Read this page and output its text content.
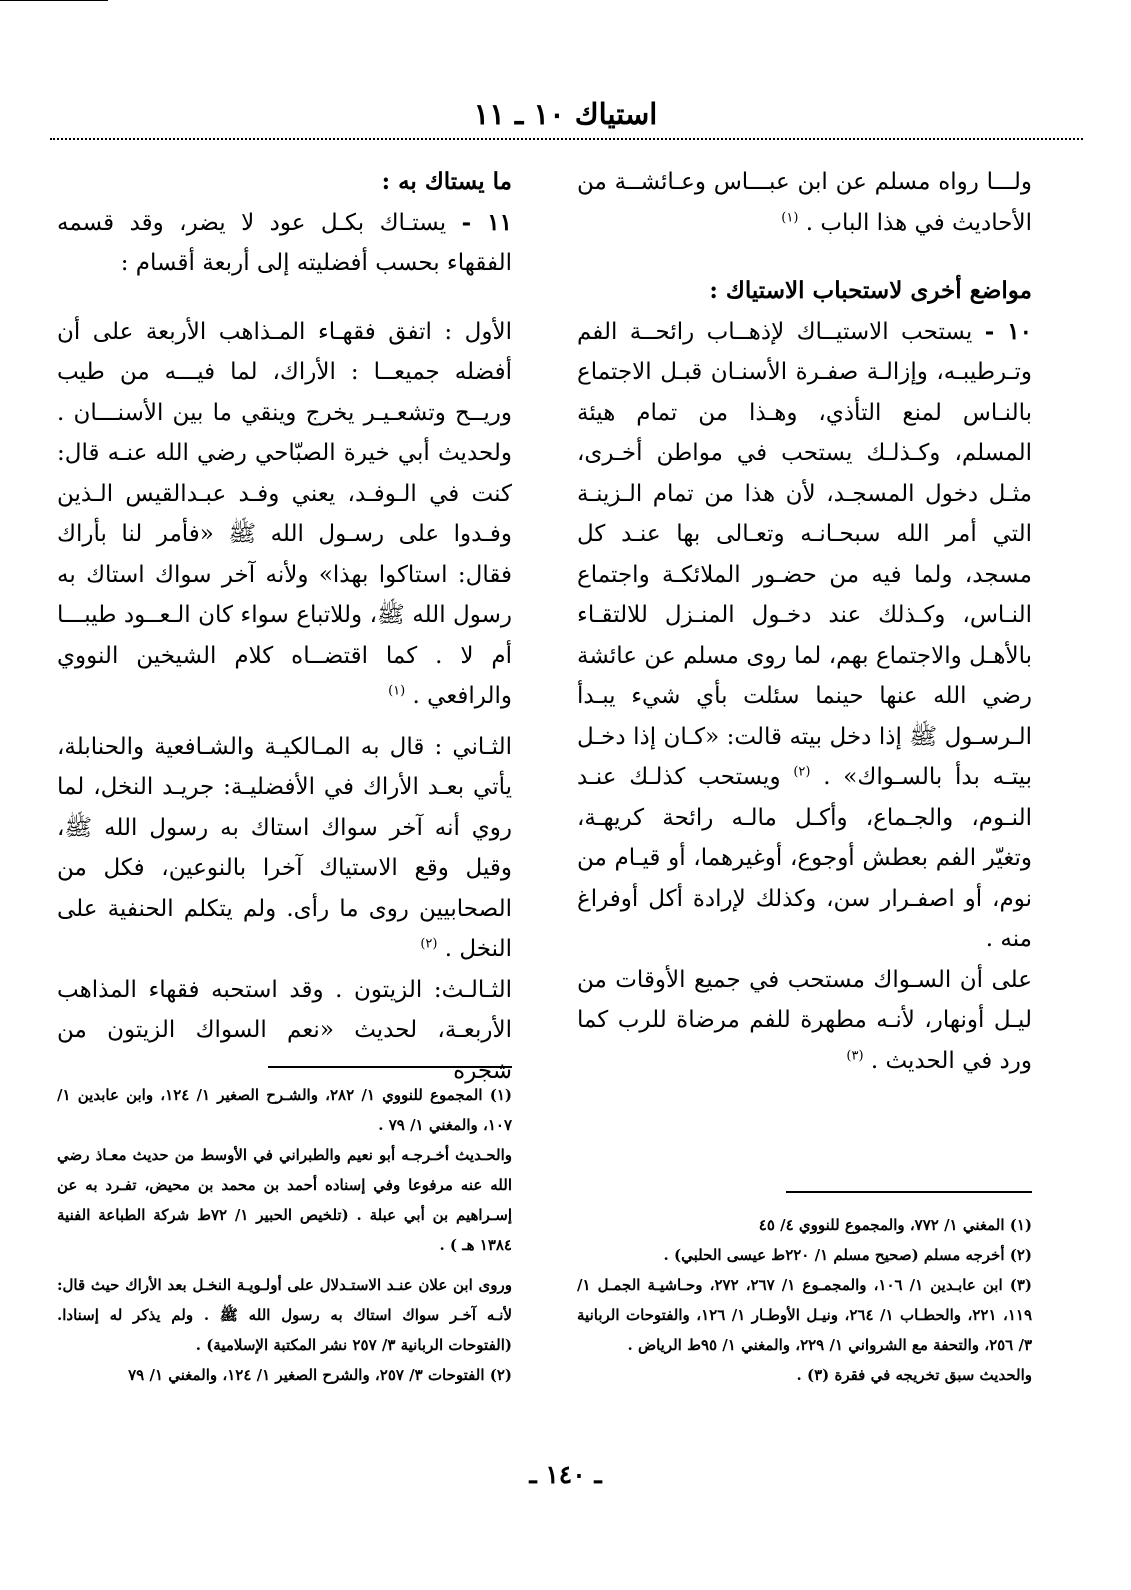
استياك ١٠ ـ ١١

ولـــا رواه مسلم عن ابن عبـــاس وعـائشــة من الأحاديث في هذا الباب . $^{(١)}$

مواضع أخرى لاستحباب الاستياك :

١٠ - يستحب الاستيــاك لإذهــاب رائحــة الفم وتـرطيبـه، وإزالـة صفـرة الأسنـان قبـل الاجتماع بالنـاس لمنع التأذي، وهـذا من تمام هيئة المسلم، وكـذلـك يستحب في مواطن أخـرى، مثـل دخول المسجـد، لأن هذا من تمام الـزينـة التي أمر الله سبحـانـه وتعـالى بها عنـد كل مسجد، ولما فيه من حضـور الملائكـة واجتماع النـاس، وكـذلك عند دخـول المنـزل للالتقـاء بالأهـل والاجتماع بهم، لما روى مسلم عن عائشة رضي الله عنها حينما سئلت بأي شيء يبـدأ الـرسـول ﷺ إذا دخل بيته قالت: «كـان إذا دخـل بيتـه بدأ بالسـواك» . $^{(٢)}$ ويستحب كذلـك عنـد النـوم، والجـماع، وأكـل مالـه رائحة كريهـة، وتغيّر الفم بعطش أوجوع، أوغيرهما، أو قيـام من نوم، أو اصفـرار سن، وكذلك لإرادة أكل أوفراغ منه .

على أن السـواك مستحب في جميع الأوقات من ليـل أونهار، لأنـه مطهرة للفم مرضاة للرب كما ورد في الحديث . $^{(٣)}$

ما يستاك به :

١١ - يستـاك بكـل عود لا يضر، وقد قسمه الفقهاء بحسب أفضليته إلى أربعة أقسام :

الأول : اتفق فقهـاء المـذاهب الأربعة على أن أفضله جميعــا : الأراك، لما فيـــه من طيب وريــح وتشعـيـر يخرج وينقي ما بين الأسنـــان . ولحديث أبي خيرة الصبّاحي رضي الله عنـه قال: كنت في الـوفـد، يعني وفـد عبـدالقيس الـذين وفـدوا على رسـول الله ﷺ «فأمر لنا بأراك فقال: استاكوا بهذا» ولأنه آخر سواك استاك به رسول الله ﷺ، وللاتباع سواء كان الـعــود طيبـــا أم لا . كما اقتضــاه كلام الشيخين النووي والرافعي . $^{(١)}$

الثـاني : قال به المـالكيـة والشـافعية والحنابلة، يأتي بعـد الأراك في الأفضليـة: جريـد النخل، لما روي أنه آخر سواك استاك به رسول الله ﷺ، وقيل وقع الاستياك آخرا بالنوعين، فكل من الصحابيين روى ما رأى. ولم يتكلم الحنفية على النخل . $^{(٢)}$

الثـالـث: الزيتون . وقد استحبه فقهاء المذاهب الأربعـة، لحديث «نعم السواك الزيتون من شجرة

(١) المجموع للنووي ١/ ٢٨٢، والشـرح الصغير ١/ ١٢٤، وابن عابدين ١/ ١٠٧، والمغني ١/ ٧٩ .

والحـديث أخـرجـه أبو نعيم والطبراني في الأوسط من حديث معـاذ رضي الله عنه مرفوعا وفي إسناده أحمد بن محمد بن محيض، تفـرد به عن إسـراهيم بن أبي عبلة . (تلخيص الحبير ١/ ٧٢ط شركة الطباعة الفنية ١٣٨٤ هـ ) .

وروى ابن علان عنـد الاستـدلال على أولـويـة النخـل بعد الأراك حيث قال: لأنـه آخـر سواك استاك به رسول الله ﷺ . ولم يذكر له إسنادا. (الفتوحات الربانية ٣/ ٢٥٧ نشر المكتبة الإسلامية) .

(٢) الفتوحات ٣/ ٢٥٧، والشرح الصغير ١/ ١٢٤، والمغني ١/ ٧٩

(١) المغني ١/ ٧٧٢، والمجموع للنووي ٤/ ٤٥

(٢) أخرجه مسلم (صحيح مسلم ١/ ٢٢٠ط عيسى الحلبي) .

(٣) ابن عابـدين ١/ ١٠٦، والمجمـوع ١/ ٢٦٧، ٢٧٢، وحـاشيـة الجمـل ١/ ١١٩، ٢٢١، والحطـاب ١/ ٢٦٤، ونيـل الأوطـار ١/ ١٢٦، والفتوحات الربانية ٣/ ٢٥٦، والتحفة مع الشرواني ١/ ٢٢٩، والمغني ١/ ٩٥ط الرياض .

والحديث سبق تخريجه في فقرة (٣) .

ـ ١٤٠ ـ
